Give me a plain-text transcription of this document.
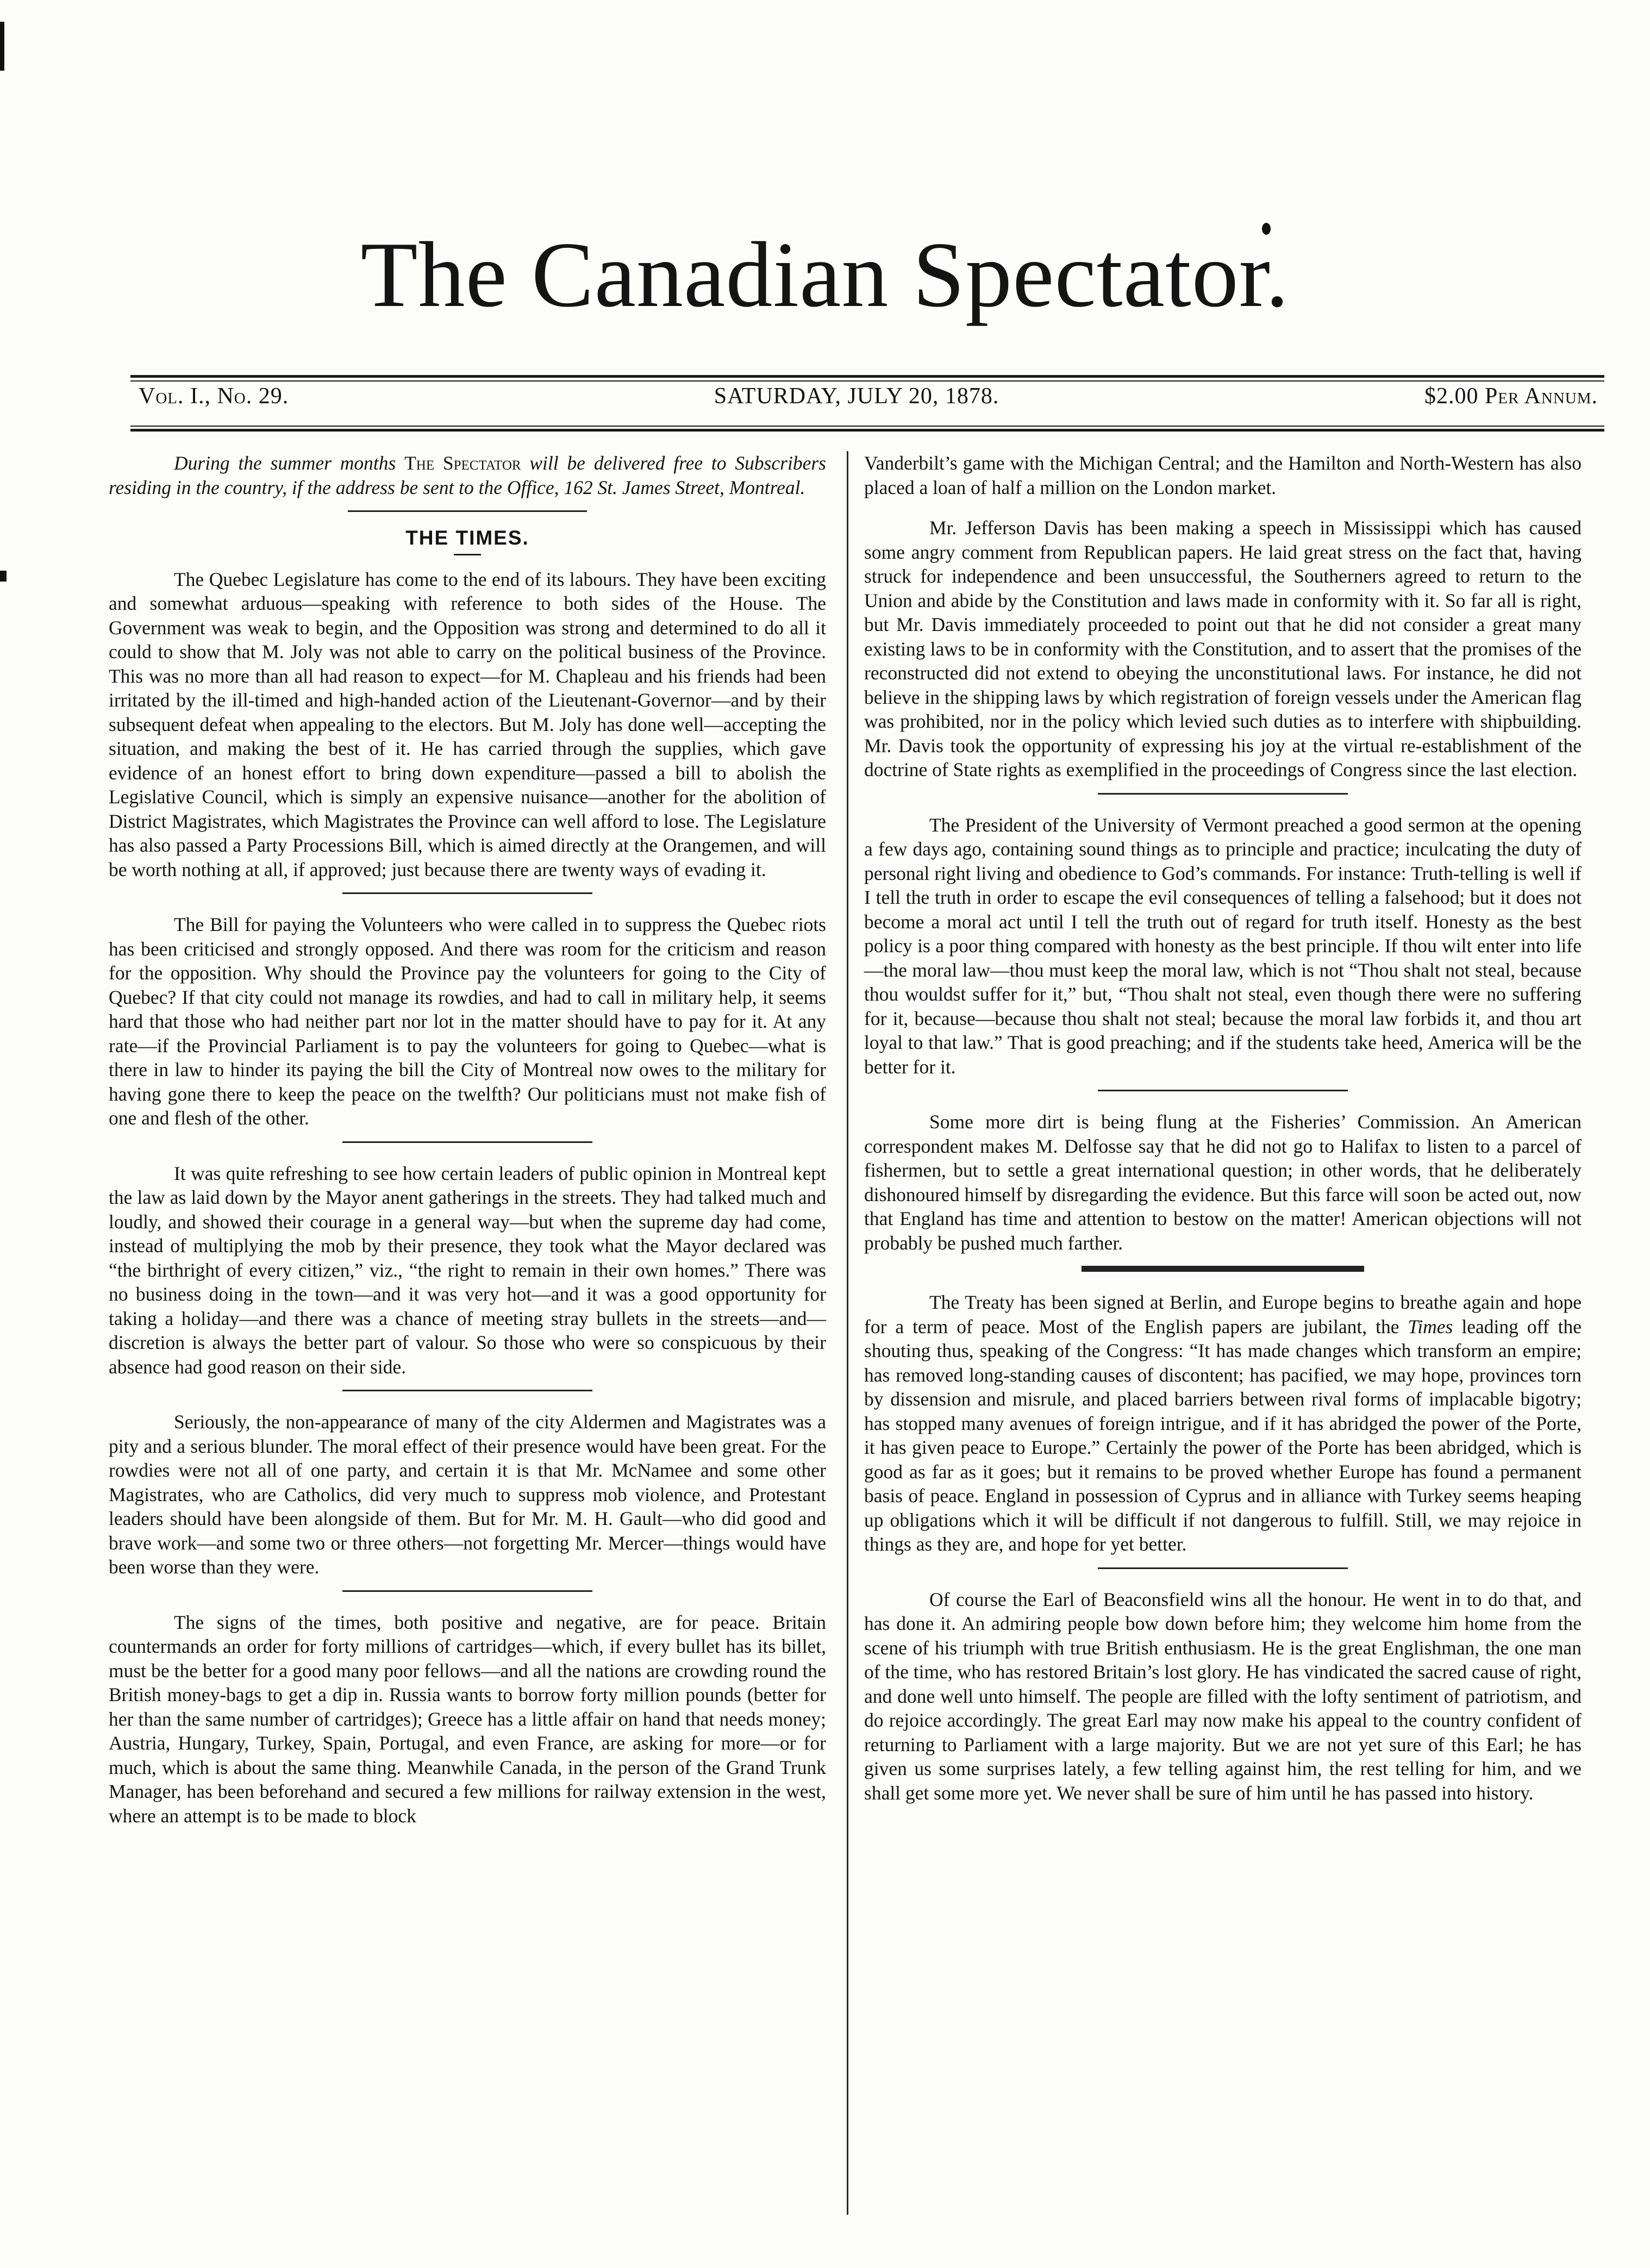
The Canadian Spectator.
Vol. I., No. 29.	SATURDAY, JULY 20, 1878.	$2.00 Per Annum.

During the summer months The Spectator will be delivered free to Subscribers residing in the country, if the address be sent to the Office, 162 St. James Street, Montreal.

THE TIMES.

The Quebec Legislature has come to the end of its labours. They have been exciting and somewhat arduous—speaking with reference to both sides of the House. The Government was weak to begin, and the Opposition was strong and determined to do all it could to show that M. Joly was not able to carry on the political business of the Province. This was no more than all had reason to expect—for M. Chapleau and his friends had been irritated by the ill-timed and high-handed action of the Lieutenant-Governor—and by their subsequent defeat when appealing to the electors. But M. Joly has done well—accepting the situation, and making the best of it. He has carried through the supplies, which gave evidence of an honest effort to bring down expenditure—passed a bill to abolish the Legislative Council, which is simply an expensive nuisance—another for the abolition of District Magistrates, which Magistrates the Province can well afford to lose. The Legislature has also passed a Party Processions Bill, which is aimed directly at the Orangemen, and will be worth nothing at all, if approved; just because there are twenty ways of evading it.

The Bill for paying the Volunteers who were called in to suppress the Quebec riots has been criticised and strongly opposed. And there was room for the criticism and reason for the opposition. Why should the Province pay the volunteers for going to the City of Quebec? If that city could not manage its rowdies, and had to call in military help, it seems hard that those who had neither part nor lot in the matter should have to pay for it. At any rate—if the Provincial Parliament is to pay the volunteers for going to Quebec—what is there in law to hinder its paying the bill the City of Montreal now owes to the military for having gone there to keep the peace on the twelfth? Our politicians must not make fish of one and flesh of the other.

It was quite refreshing to see how certain leaders of public opinion in Montreal kept the law as laid down by the Mayor anent gatherings in the streets. They had talked much and loudly, and showed their courage in a general way—but when the supreme day had come, instead of multiplying the mob by their presence, they took what the Mayor declared was “the birthright of every citizen,” viz., “the right to remain in their own homes.” There was no business doing in the town—and it was very hot—and it was a good opportunity for taking a holiday—and there was a chance of meeting stray bullets in the streets—and—discretion is always the better part of valour. So those who were so conspicuous by their absence had good reason on their side.

Seriously, the non-appearance of many of the city Aldermen and Magistrates was a pity and a serious blunder. The moral effect of their presence would have been great. For the rowdies were not all of one party, and certain it is that Mr. McNamee and some other Magistrates, who are Catholics, did very much to suppress mob violence, and Protestant leaders should have been alongside of them. But for Mr. M. H. Gault—who did good and brave work—and some two or three others—not forgetting Mr. Mercer—things would have been worse than they were.

The signs of the times, both positive and negative, are for peace. Britain countermands an order for forty millions of cartridges—which, if every bullet has its billet, must be the better for a good many poor fellows—and all the nations are crowding round the British money-bags to get a dip in. Russia wants to borrow forty million pounds (better for her than the same number of cartridges); Greece has a little affair on hand that needs money; Austria, Hungary, Turkey, Spain, Portugal, and even France, are asking for more—or for much, which is about the same thing. Meanwhile Canada, in the person of the Grand Trunk Manager, has been beforehand and secured a few millions for railway extension in the west, where an attempt is to be made to block

Vanderbilt’s game with the Michigan Central; and the Hamilton and North-Western has also placed a loan of half a million on the London market.

Mr. Jefferson Davis has been making a speech in Mississippi which has caused some angry comment from Republican papers. He laid great stress on the fact that, having struck for independence and been unsuccessful, the Southerners agreed to return to the Union and abide by the Constitution and laws made in conformity with it. So far all is right, but Mr. Davis immediately proceeded to point out that he did not consider a great many existing laws to be in conformity with the Constitution, and to assert that the promises of the reconstructed did not extend to obeying the unconstitutional laws. For instance, he did not believe in the shipping laws by which registration of foreign vessels under the American flag was prohibited, nor in the policy which levied such duties as to interfere with shipbuilding. Mr. Davis took the opportunity of expressing his joy at the virtual re-establishment of the doctrine of State rights as exemplified in the proceedings of Congress since the last election.

The President of the University of Vermont preached a good sermon at the opening a few days ago, containing sound things as to principle and practice; inculcating the duty of personal right living and obedience to God’s commands. For instance: Truth-telling is well if I tell the truth in order to escape the evil consequences of telling a falsehood; but it does not become a moral act until I tell the truth out of regard for truth itself. Honesty as the best policy is a poor thing compared with honesty as the best principle. If thou wilt enter into life—the moral law—thou must keep the moral law, which is not “Thou shalt not steal, because thou wouldst suffer for it,” but, “Thou shalt not steal, even though there were no suffering for it, because—because thou shalt not steal; because the moral law forbids it, and thou art loyal to that law.” That is good preaching; and if the students take heed, America will be the better for it.

Some more dirt is being flung at the Fisheries’ Commission. An American correspondent makes M. Delfosse say that he did not go to Halifax to listen to a parcel of fishermen, but to settle a great international question; in other words, that he deliberately dishonoured himself by disregarding the evidence. But this farce will soon be acted out, now that England has time and attention to bestow on the matter! American objections will not probably be pushed much farther.

The Treaty has been signed at Berlin, and Europe begins to breathe again and hope for a term of peace. Most of the English papers are jubilant, the Times leading off the shouting thus, speaking of the Congress: “It has made changes which transform an empire; has removed long-standing causes of discontent; has pacified, we may hope, provinces torn by dissension and misrule, and placed barriers between rival forms of implacable bigotry; has stopped many avenues of foreign intrigue, and if it has abridged the power of the Porte, it has given peace to Europe.” Certainly the power of the Porte has been abridged, which is good as far as it goes; but it remains to be proved whether Europe has found a permanent basis of peace. England in possession of Cyprus and in alliance with Turkey seems heaping up obligations which it will be difficult if not dangerous to fulfill. Still, we may rejoice in things as they are, and hope for yet better.

Of course the Earl of Beaconsfield wins all the honour. He went in to do that, and has done it. An admiring people bow down before him; they welcome him home from the scene of his triumph with true British enthusiasm. He is the great Englishman, the one man of the time, who has restored Britain’s lost glory. He has vindicated the sacred cause of right, and done well unto himself. The people are filled with the lofty sentiment of patriotism, and do rejoice accordingly. The great Earl may now make his appeal to the country confident of returning to Parliament with a large majority. But we are not yet sure of this Earl; he has given us some surprises lately, a few telling against him, the rest telling for him, and we shall get some more yet. We never shall be sure of him until he has passed into history.
